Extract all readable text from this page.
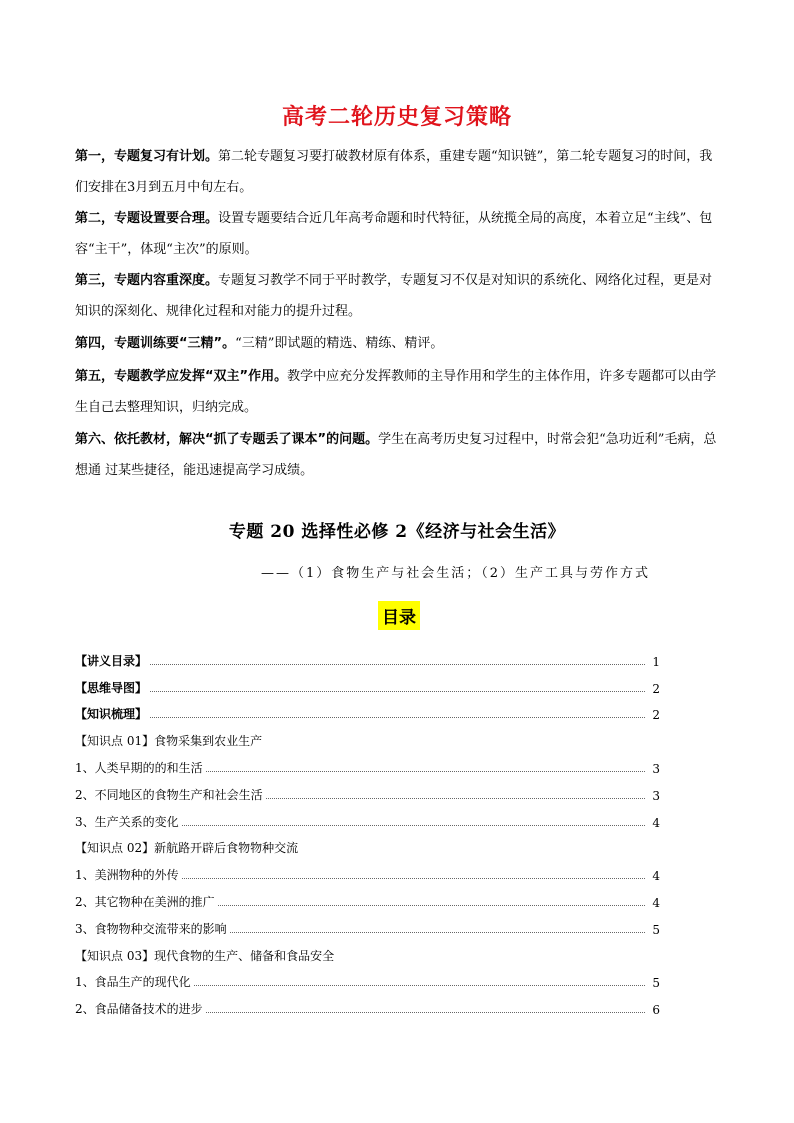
高考二轮历史复习策略
第一，专题复习有计划。第二轮专题复习要打破教材原有体系，重建专题“知识链”，第二轮专题复习的时间，我们安排在3月到五月中旬左右。
第二，专题设置要合理。设置专题要结合近几年高考命题和时代特征，从统揽全局的高度，本着立足“主线”、包容“主干”，体现“主次”的原则。
第三，专题内容重深度。专题复习教学不同于平时教学，专题复习不仅是对知识的系统化、网络化过程，更是对知识的深刻化、规律化过程和对能力的提升过程。
第四，专题训练要“三精”。“三精”即试题的精选、精练、精评。
第五，专题教学应发挥“双主”作用。教学中应充分发挥教师的主导作用和学生的主体作用，许多专题都可以由学生自己去整理知识，归纳完成。
第六、依托教材，解决“抓了专题丢了课本”的问题。学生在高考历史复习过程中，时常会犯“急功近利”毛病，总想通 过某些捷径，能迅速提高学习成绩。
专题 20 选择性必修 2《经济与社会生活》
——（1）食物生产与社会生活；（2）生产工具与劳作方式
目录
【讲义目录】	1
【思维导图】	2
【知识梳理】	2
【知识点 01】食物采集到农业生产
1、人类早期的的和生活	3
2、不同地区的食物生产和社会生活	3
3、生产关系的变化	4
【知识点 02】新航路开辟后食物物种交流
1、美洲物种的外传	4
2、其它物种在美洲的推广	4
3、食物物种交流带来的影响	5
【知识点 03】现代食物的生产、储备和食品安全
1、食品生产的现代化	5
2、食品储备技术的进步	6
